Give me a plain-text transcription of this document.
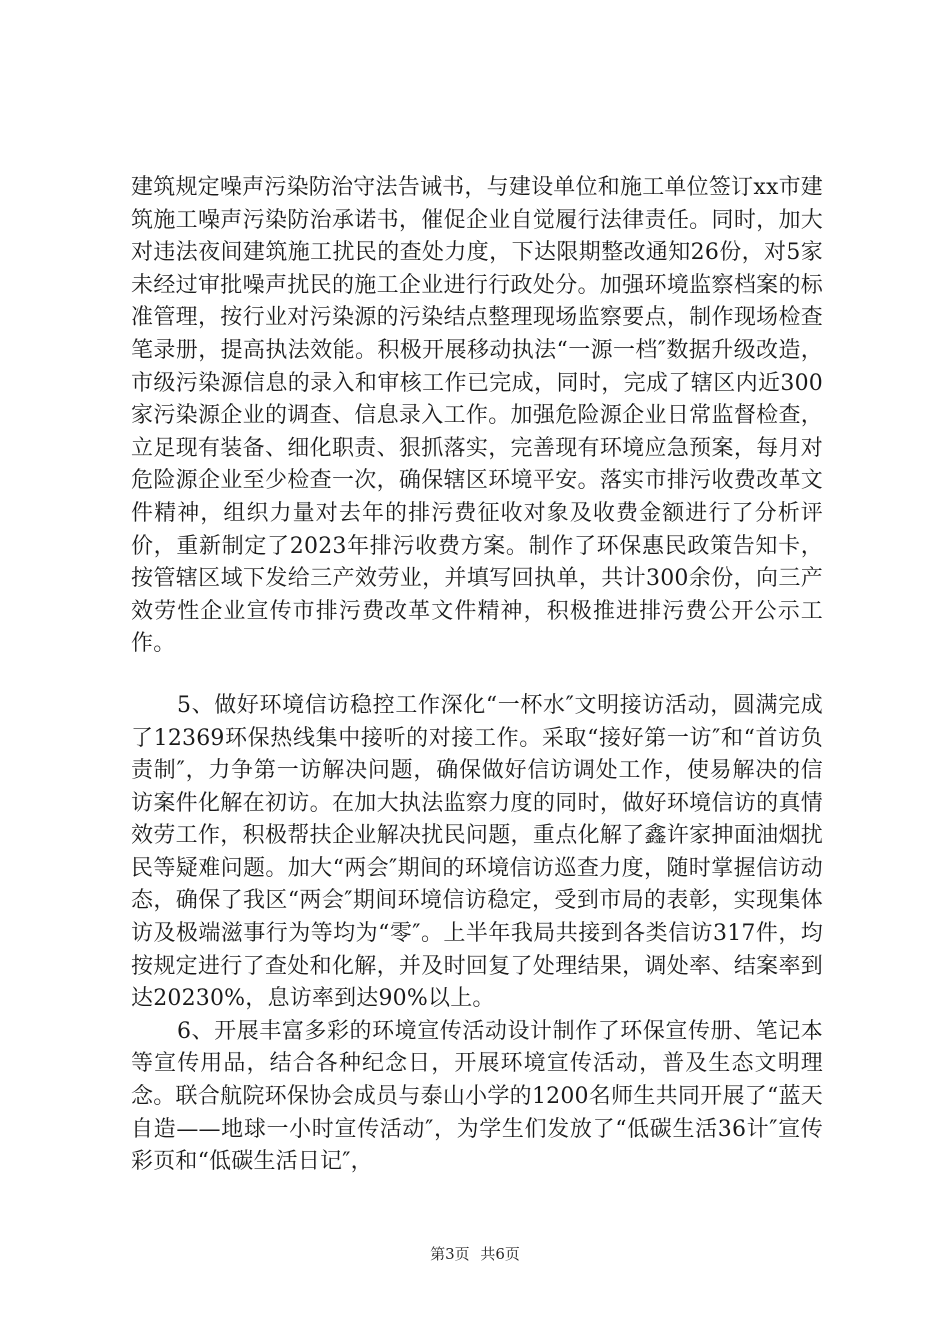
建筑规定噪声污染防治守法告诫书，与建设单位和施工单位签订xx市建筑施工噪声污染防治承诺书，催促企业自觉履行法律责任。同时，加大对违法夜间建筑施工扰民的查处力度，下达限期整改通知26份，对5家未经过审批噪声扰民的施工企业进行行政处分。加强环境监察档案的标准管理，按行业对污染源的污染结点整理现场监察要点，制作现场检查笔录册，提高执法效能。积极开展移动执法“一源一档″数据升级改造，市级污染源信息的录入和审核工作已完成，同时，完成了辖区内近300家污染源企业的调查、信息录入工作。加强危险源企业日常监督检查，立足现有装备、细化职责、狠抓落实，完善现有环境应急预案，每月对危险源企业至少检查一次，确保辖区环境平安。落实市排污收费改革文件精神，组织力量对去年的排污费征收对象及收费金额进行了分析评价，重新制定了2023年排污收费方案。制作了环保惠民政策告知卡，按管辖区域下发给三产效劳业，并填写回执单，共计300余份，向三产效劳性企业宣传市排污费改革文件精神，积极推进排污费公开公示工作。

5、做好环境信访稳控工作深化“一杯水″文明接访活动，圆满完成了12369环保热线集中接听的对接工作。采取“接好第一访″和“首访负责制″，力争第一访解决问题，确保做好信访调处工作，使易解决的信访案件化解在初访。在加大执法监察力度的同时，做好环境信访的真情效劳工作，积极帮扶企业解决扰民问题，重点化解了鑫许家抻面油烟扰民等疑难问题。加大“两会″期间的环境信访巡查力度，随时掌握信访动态，确保了我区“两会″期间环境信访稳定，受到市局的表彰，实现集体访及极端滋事行为等均为“零″。上半年我局共接到各类信访317件，均按规定进行了查处和化解，并及时回复了处理结果，调处率、结案率到达20230%，息访率到达90%以上。

6、开展丰富多彩的环境宣传活动设计制作了环保宣传册、笔记本等宣传用品，结合各种纪念日，开展环境宣传活动，普及生态文明理念。联合航院环保协会成员与泰山小学的1200名师生共同开展了“蓝天自造——地球一小时宣传活动″，为学生们发放了“低碳生活36计″宣传彩页和“低碳生活日记″，

第3页 共6页
